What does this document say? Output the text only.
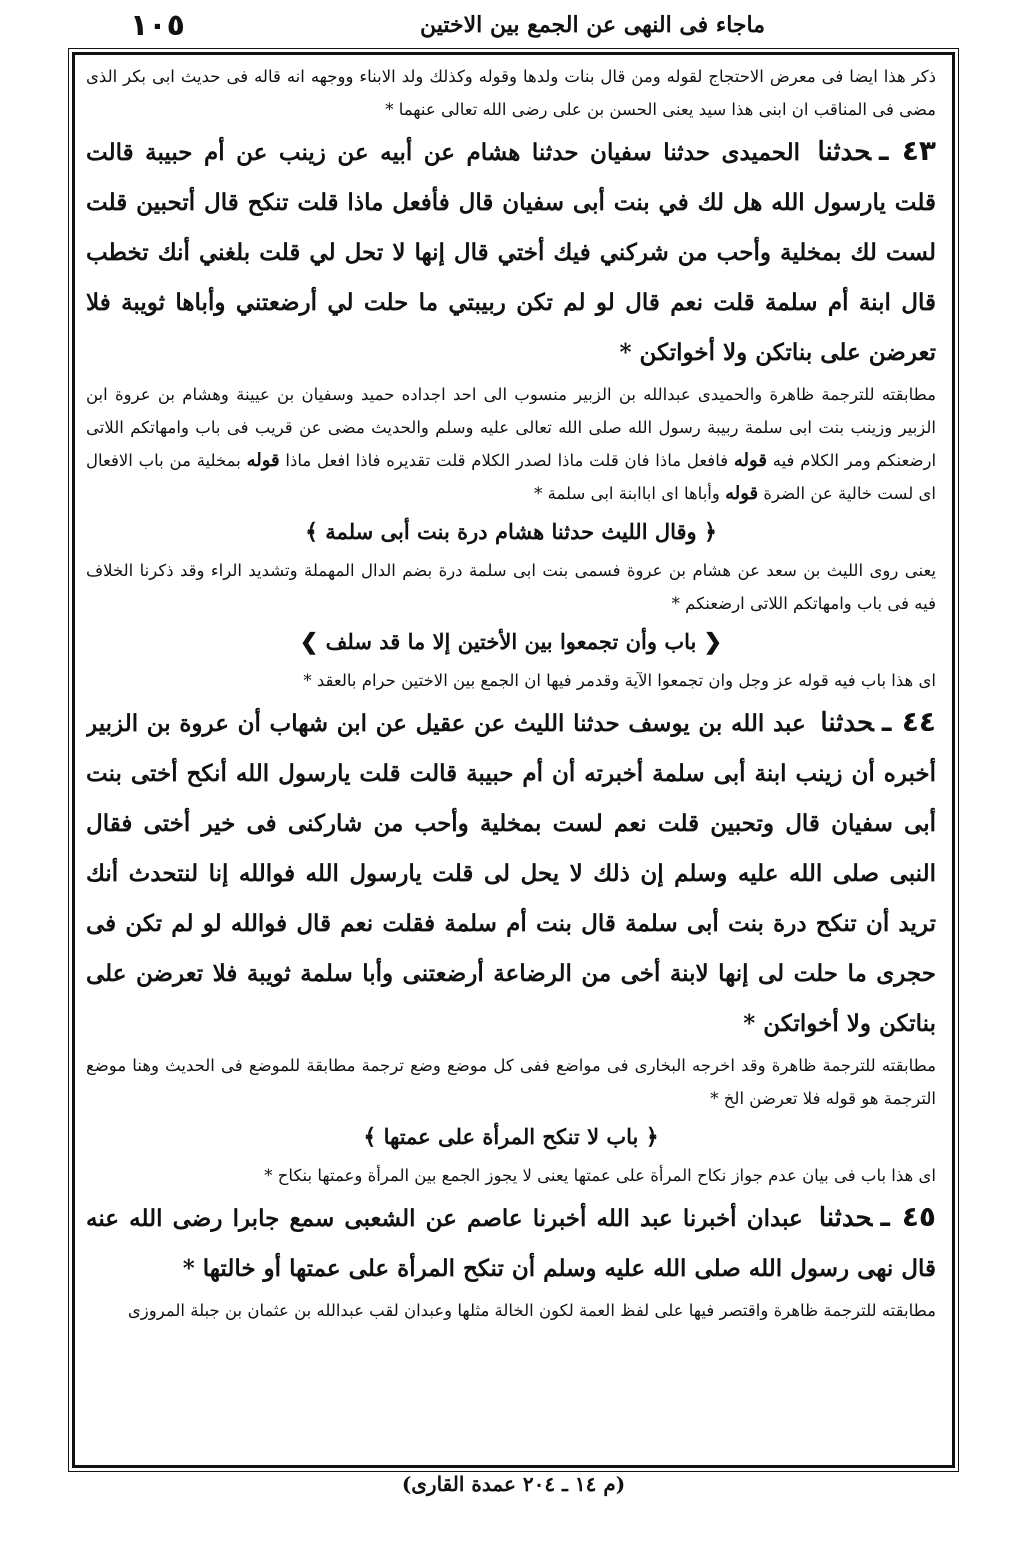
١٠٥	ماجاء فى النهى عن الجمع بين الاختين

ذكر هذا ايضا فى معرض الاحتجاج لقوله ومن قال بنات ولدها وقوله وكذلك ولد الابناء ووجهه انه قاله فى حديث ابى بكر الذى مضى فى المناقب ان ابنى هذا سيد يعنى الحسن بن على رضى الله تعالى عنهما *

٤٣ ـحدثنا الحميدى حدثنا سفيان حدثنا هشام عن أبيه عن زينب عن أم حبيبة قالت قلت يارسول الله هل لك في بنت أبى سفيان قال فأفعل ماذا قلت تنكح قال أتحبين قلت لست لك بمخلية وأحب من شركني فيك أختي قال إنها لا تحل لي قلت بلغني أنك تخطب قال ابنة أم سلمة قلت نعم قال لو لم تكن ربيبتي ما حلت لي أرضعتني وأباها ثويبة فلا تعرضن على بناتكن ولا أخواتكن *

مطابقته للترجمة ظاهرة والحميدى عبدالله بن الزبير منسوب الى احد اجداده حميد وسفيان بن عيينة وهشام بن عروة ابن الزبير وزينب بنت ابى سلمة ربيبة رسول الله صلى الله تعالى عليه وسلم والحديث مضى عن قريب فى باب وامهاتكم اللاتى ارضعنكم ومر الكلام فيه قوله فافعل ماذا فان قلت ماذا لصدر الكلام قلت تقديره فاذا افعل ماذا قوله بمخلية من باب الافعال اى لست خالية عن الضرة قوله وأباها اى اباابنة ابى سلمة *

﴿ وقال الليث حدثنا هشام درة بنت أبى سلمة ﴾

يعنى روى الليث بن سعد عن هشام بن عروة فسمى بنت ابى سلمة درة بضم الدال المهملة وتشديد الراء وقد ذكرنا الخلاف فيه فى باب وامهاتكم اللاتى ارضعنكم *

❮ باب وأن تجمعوا بين الأختين إلا ما قد سلف ❯

اى هذا باب فيه قوله عز وجل وان تجمعوا الآية وقدمر فيها ان الجمع بين الاختين حرام بالعقد *

٤٤ ـحدثنا عبد الله بن يوسف حدثنا الليث عن عقيل عن ابن شهاب أن عروة بن الزبير أخبره أن زينب ابنة أبى سلمة أخبرته أن أم حبيبة قالت قلت يارسول الله أنكح أختى بنت أبى سفيان قال وتحبين قلت نعم لست بمخلية وأحب من شاركنى فى خير أختى فقال النبى صلى الله عليه وسلم إن ذلك لا يحل لى قلت يارسول الله فوالله إنا لنتحدث أنك تريد أن تنكح درة بنت أبى سلمة قال بنت أم سلمة فقلت نعم قال فوالله لو لم تكن فى حجرى ما حلت لى إنها لابنة أخى من الرضاعة أرضعتنى وأبا سلمة ثويبة فلا تعرضن على بناتكن ولا أخواتكن *

مطابقته للترجمة ظاهرة وقد اخرجه البخارى فى مواضع ففى كل موضع وضع ترجمة مطابقة للموضع فى الحديث وهنا موضع الترجمة هو قوله فلا تعرضن الخ *

﴿ باب لا تنكح المرأة على عمتها ﴾

اى هذا باب فى بيان عدم جواز نكاح المرأة على عمتها يعنى لا يجوز الجمع بين المرأة وعمتها بنكاح *

٤٥ ـحدثنا عبدان أخبرنا عبد الله أخبرنا عاصم عن الشعبى سمع جابرا رضى الله عنه قال نهى رسول الله صلى الله عليه وسلم أن تنكح المرأة على عمتها أو خالتها *

مطابقته للترجمة ظاهرة واقتصر فيها على لفظ العمة لكون الخالة مثلها وعبدان لقب عبدالله بن عثمان بن جبلة المروزى

(م ١٤ ـ ٢٠٤ عمدة القارى)
